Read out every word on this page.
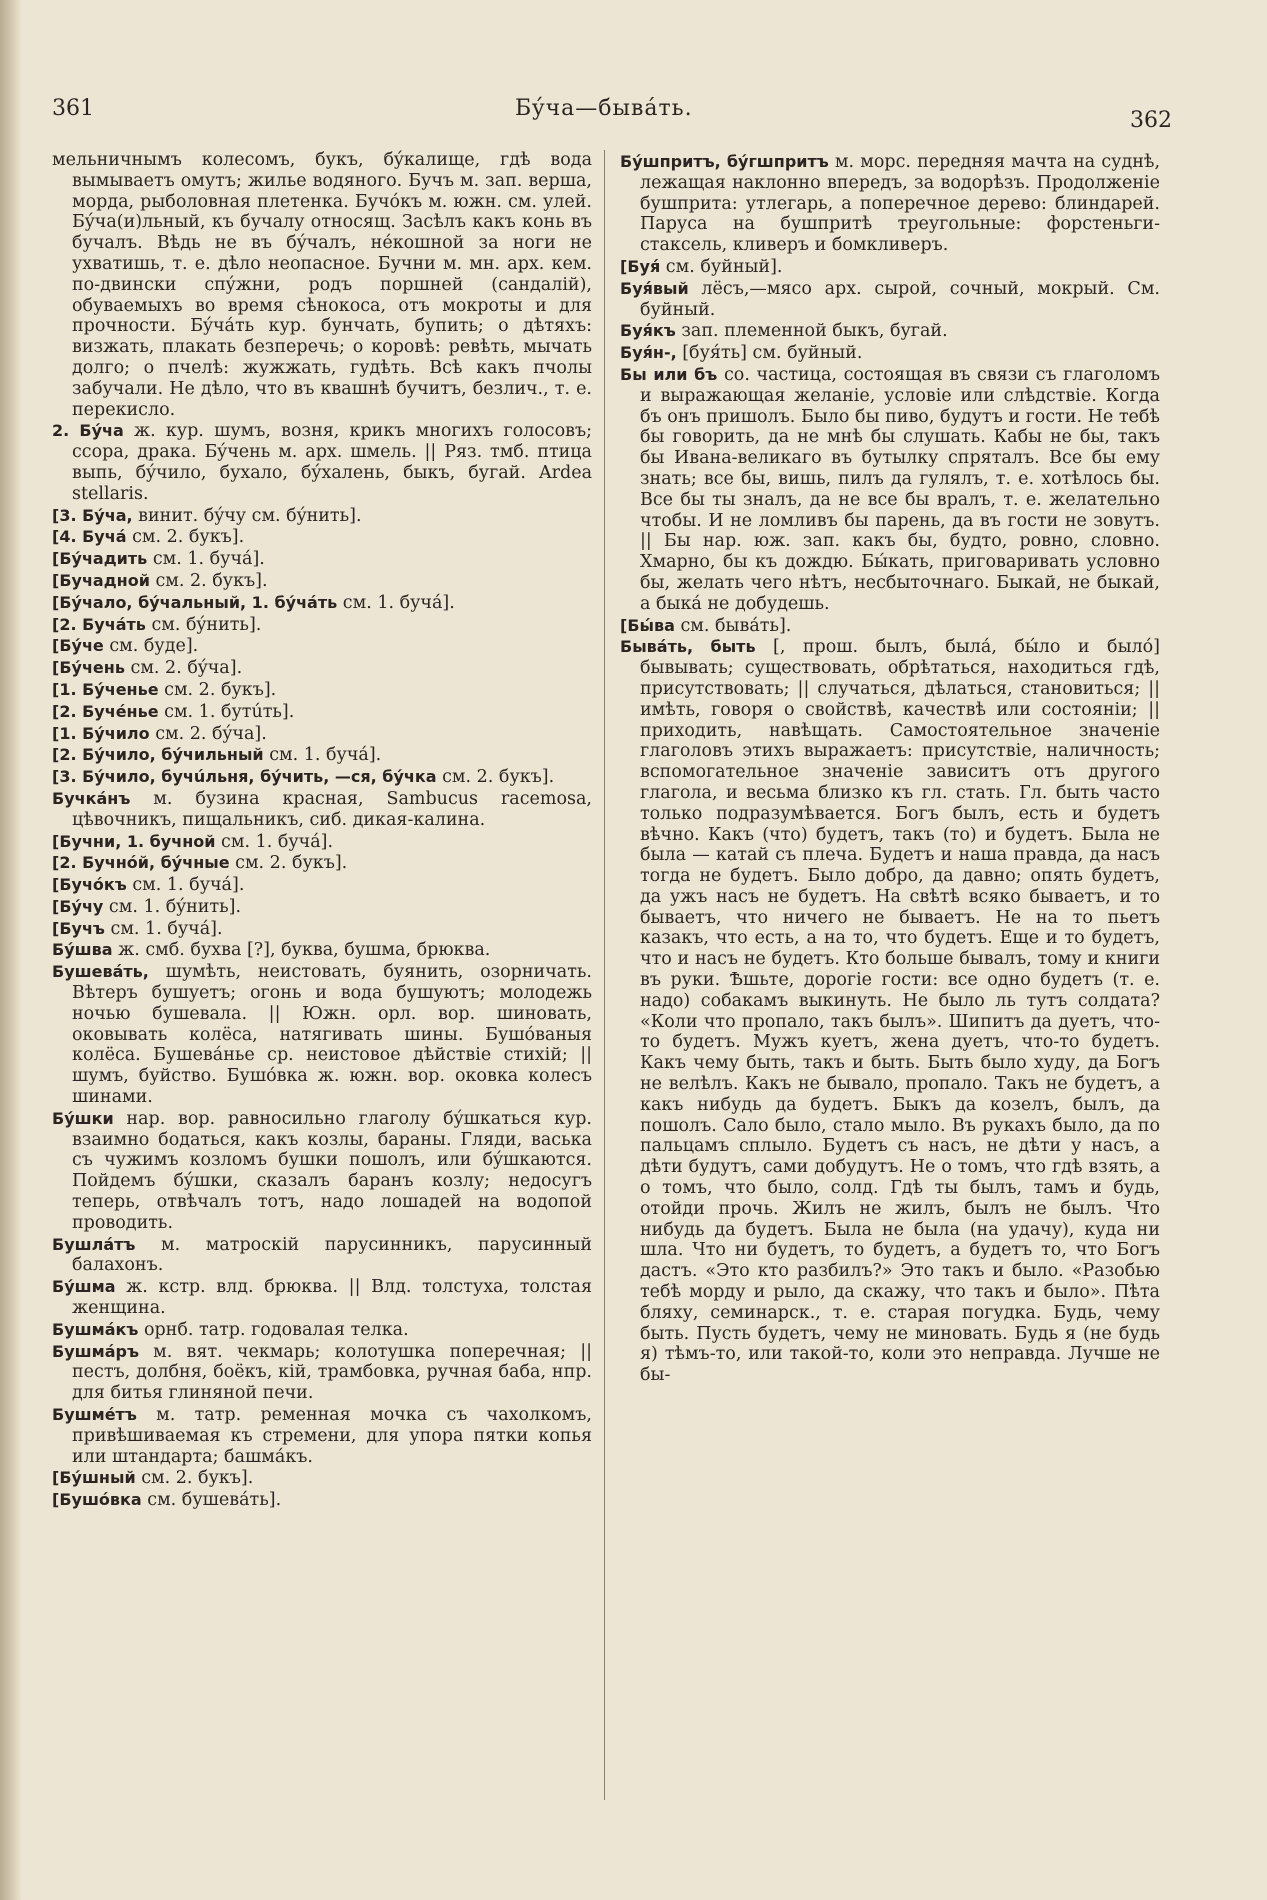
361	Бýча—бывáть.	362

мельничнымъ колесомъ, букъ, бýкалище, гдѣ вода вымываетъ омутъ; жилье водяного. Бучъ м. зап. верша, морда, рыболовная плетенка. Бучóкъ м. южн. см. улей. Бýча(и)льный, къ бучалу относящ. Засѣлъ какъ конь въ бучалъ. Вѣдь не въ бýчалъ, нéкошной за ноги не ухватишь, т. е. дѣло неопасное. Бучни м. мн. арх. кем. по-двински спýжни, родъ поршней (сандалiй), обуваемыхъ во время сѣнокоса, отъ мокроты и для прочности. Бýчáть кур. бунчать, бупить; о дѣтяхъ: визжать, плакать безперечь; о коровѣ: ревѣть, мычать долго; о пчелѣ: жужжать, гудѣть. Всѣ какъ пчолы забучали. Не дѣло, что въ квашнѣ бучитъ, безлич., т. е. перекисло.

2. Бýча ж. кур. шумъ, возня, крикъ многихъ голосовъ; ссора, драка. Бýчень м. арх. шмель. || Ряз. тмб. птица выпь, бýчило, бухало, бýхалень, быкъ, бугай. Ardea stellaris.

[3. Бýча, винит. бýчу см. бýнить].

[4. Бучá см. 2. букъ].

[Бýчадить см. 1. бучá].

[Бучадной см. 2. букъ].

[Бýчало, бýчальный, 1. бýчáть см. 1. бучá].

[2. Бучáть см. бýнить].

[Бýче см. буде].

[Бýчень см. 2. бýча].

[1. Бýченье см. 2. букъ].

[2. Бучéнье см. 1. бутúть].

[1. Бýчило см. 2. бýча].

[2. Бýчило, бýчильный см. 1. бучá].

[3. Бýчило, бучúльня, бýчить, —ся, бýчка см. 2. букъ].

Бучкáнъ м. бузина красная, Sambucus racemosa, цѣвочникъ, пищальникъ, сиб. дикая-калина.

[Бучни, 1. бучной см. 1. бучá].

[2. Бучнóй, бýчные см. 2. букъ].

[Бучóкъ см. 1. бучá].

[Бýчу см. 1. бýнить].

[Бучъ см. 1. бучá].

Бýшва ж. смб. бухва [?], буква, бушма, брюква.

Бушевáть, шумѣть, неистовать, буянить, озорничать. Вѣтеръ бушуетъ; огонь и вода бушуютъ; молодежь ночью бушевала. || Южн. орл. вор. шиновать, оковывать колёса, натягивать шины. Бушóваныя колёса. Бушевáнье ср. неистовое дѣйствiе стихiй; || шумъ, буйство. Бушóвка ж. южн. вор. оковка колесъ шинами.

Бýшки нар. вор. равносильно глаголу бýшкаться кур. взаимно бодаться, какъ козлы, бараны. Гляди, васька съ чужимъ козломъ бушки пошолъ, или бýшкаются. Пойдемъ бýшки, сказалъ баранъ козлу; недосугъ теперь, отвѣчалъ тотъ, надо лошадей на водопой проводить.

Бушлáтъ м. матроскiй парусинникъ, парусинный балахонъ.

Бýшма ж. кстр. влд. брюква. || Влд. толстуха, толстая женщина.

Бушмáкъ орнб. татр. годовалая телка.

Бушмáръ м. вят. чекмарь; колотушка поперечная; || пестъ, долбня, боёкъ, кiй, трамбовка, ручная баба, нпр. для битья глиняной печи.

Бушмéтъ м. татр. ременная мочка съ чахолкомъ, привѣшиваемая къ стремени, для упора пятки копья или штандарта; башмáкъ.

[Бýшный см. 2. букъ].

[Бушóвка см. бушевáть].

Бýшпритъ, бýгшпритъ м. морс. передняя мачта на суднѣ, лежащая наклонно впередъ, за водорѣзъ. Продолженiе бушприта: утлегарь, а поперечное дерево: блиндарей. Паруса на бушпритѣ треугольные: форстеньги-стаксель, кливеръ и бомкливеръ.

[Буя́ см. буйный].

Буя́вый лёсъ,—мясо арх. сырой, сочный, мокрый. См. буйный.

Буя́къ зап. племенной быкъ, бугай.

Буя́н-, [буя́ть] см. буйный.

Бы или бъ со. частица, состоящая въ связи съ глаголомъ и выражающая желанiе, условiе или слѣдствiе. Когда бъ онъ пришолъ. Было бы пиво, будутъ и гости. Не тебѣ бы говорить, да не мнѣ бы слушать. Кабы не бы, такъ бы Ивана-великаго въ бутылку спряталъ. Все бы ему знать; все бы, вишь, пилъ да гулялъ, т. е. хотѣлось бы. Все бы ты зналъ, да не все бы вралъ, т. е. желательно чтобы. И не ломливъ бы парень, да въ гости не зовутъ. || Бы нар. юж. зап. какъ бы, будто, ровно, словно. Хмарно, бы къ дождю. Бы́кать, приговаривать условно бы, желать чего нѣтъ, несбыточнаго. Быкай, не быкай, а быкá не добудешь.

[Бы́ва см. бывáть].

Бывáть, быть [, прош. былъ, былá, бы́ло и былó] бывывать; существовать, обрѣтаться, находиться гдѣ, присутствовать; || случаться, дѣлаться, становиться; || имѣть, говоря о свойствѣ, качествѣ или состоянiи; || приходить, навѣщать. Самостоятельное значенiе глаголовъ этихъ выражаетъ: присутствiе, наличность; вспомогательное значенiе зависитъ отъ другого глагола, и весьма близко къ гл. стать. Гл. быть часто только подразумѣвается. Богъ былъ, есть и будетъ вѣчно. Какъ (что) будетъ, такъ (то) и будетъ. Была не была — катай съ плеча. Будетъ и наша правда, да насъ тогда не будетъ. Было добро, да давно; опять будетъ, да ужъ насъ не будетъ. На свѣтѣ всяко бываетъ, и то бываетъ, что ничего не бываетъ. Не на то пьетъ казакъ, что есть, а на то, что будетъ. Еще и то будетъ, что и насъ не будетъ. Кто больше бывалъ, тому и книги въ руки. Ѣшьте, дорогiе гости: все одно будетъ (т. е. надо) собакамъ выкинуть. Не было ль тутъ солдата? «Коли что пропало, такъ былъ». Шипитъ да дуетъ, что-то будетъ. Мужъ куетъ, жена дуетъ, что-то будетъ. Какъ чему быть, такъ и быть. Быть было худу, да Богъ не велѣлъ. Какъ не бывало, пропало. Такъ не будетъ, а какъ нибудь да будетъ. Быкъ да козелъ, былъ, да пошолъ. Сало было, стало мыло. Въ рукахъ было, да по пальцамъ сплыло. Будетъ съ насъ, не дѣти у насъ, а дѣти будутъ, сами добудутъ. Не о томъ, что гдѣ взять, а о томъ, что было, солд. Гдѣ ты былъ, тамъ и будь, отойди прочь. Жилъ не жилъ, былъ не былъ. Что нибудь да будетъ. Была не была (на удачу), куда ни шла. Что ни будетъ, то будетъ, а будетъ то, что Богъ дастъ. «Это кто разбилъ?» Это такъ и было. «Разобью тебѣ морду и рыло, да скажу, что такъ и было». Пѣта бляху, семинарск., т. е. старая погудка. Будь, чему быть. Пусть будетъ, чему не миновать. Будь я (не будь я) тѣмъ-то, или такой-то, коли это неправда. Лучше не бы-
